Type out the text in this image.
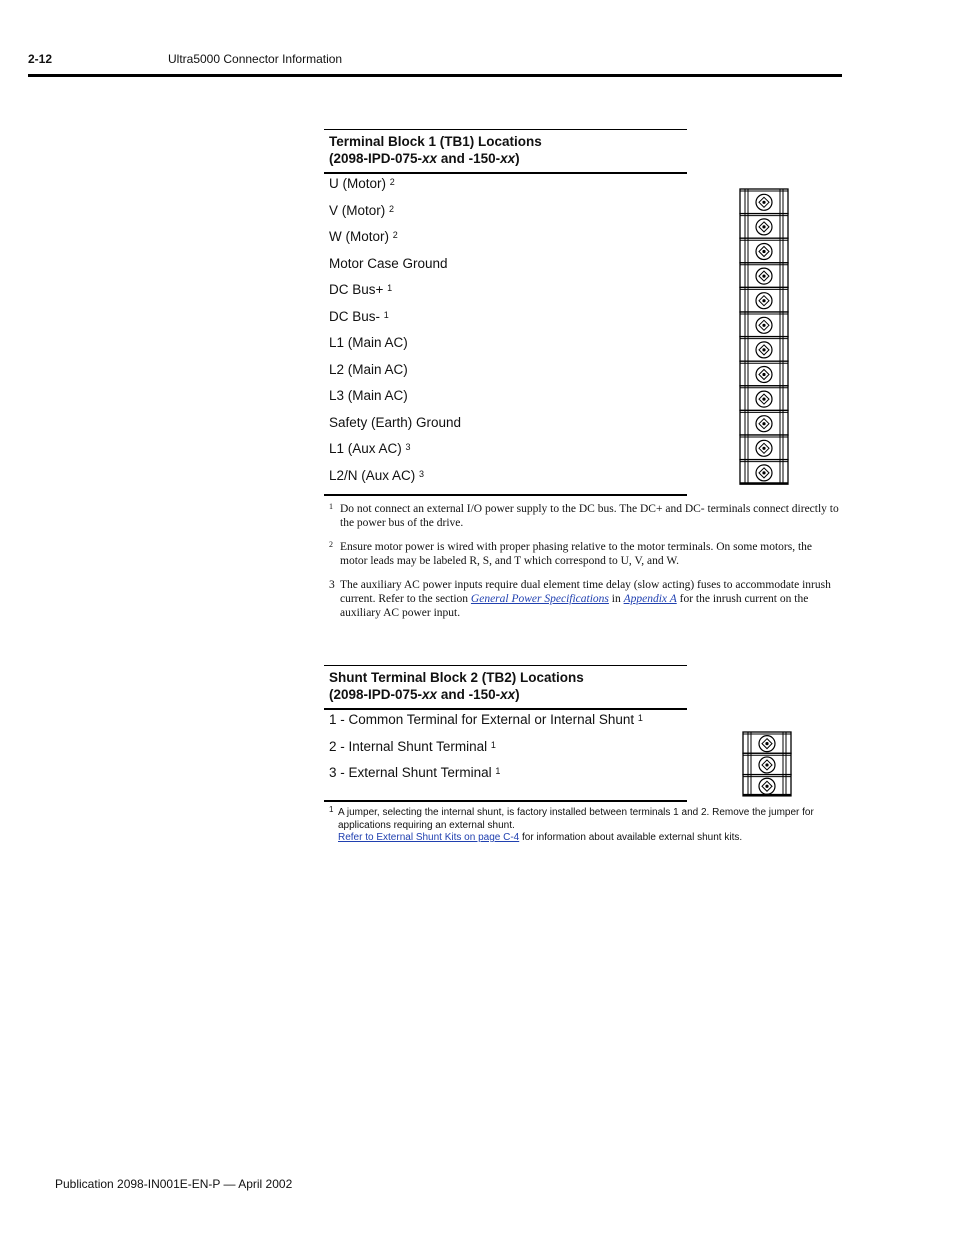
2-12	Ultra5000 Connector Information
Terminal Block 1 (TB1) Locations
(2098-IPD-075-xx and -150-xx)
U (Motor) $^2$
V (Motor) $^2$
W (Motor) $^2$
Motor Case Ground
DC Bus+ $^1$
DC Bus- $^1$
L1 (Main AC)
L2 (Main AC)
L3 (Main AC)
Safety (Earth) Ground
L1 (Aux AC) $^3$
L2/N (Aux AC) $^3$
1 Do not connect an external I/O power supply to the DC bus. The DC+ and DC- terminals connect directly to the power bus of the drive.
2 Ensure motor power is wired with proper phasing relative to the motor terminals. On some motors, the motor leads may be labeled R, S, and T which correspond to U, V, and W.
3 The auxiliary AC power inputs require dual element time delay (slow acting) fuses to accommodate inrush current. Refer to the section General Power Specifications in Appendix A for the inrush current on the auxiliary AC power input.
Shunt Terminal Block 2 (TB2) Locations
(2098-IPD-075-xx and -150-xx)
1 - Common Terminal for External or Internal Shunt $^1$
2 - Internal Shunt Terminal $^1$
3 - External Shunt Terminal $^1$
1 A jumper, selecting the internal shunt, is factory installed between terminals 1 and 2. Remove the jumper for applications requiring an external shunt.
Refer to External Shunt Kits on page C-4 for information about available external shunt kits.
Publication 2098-IN001E-EN-P — April 2002
